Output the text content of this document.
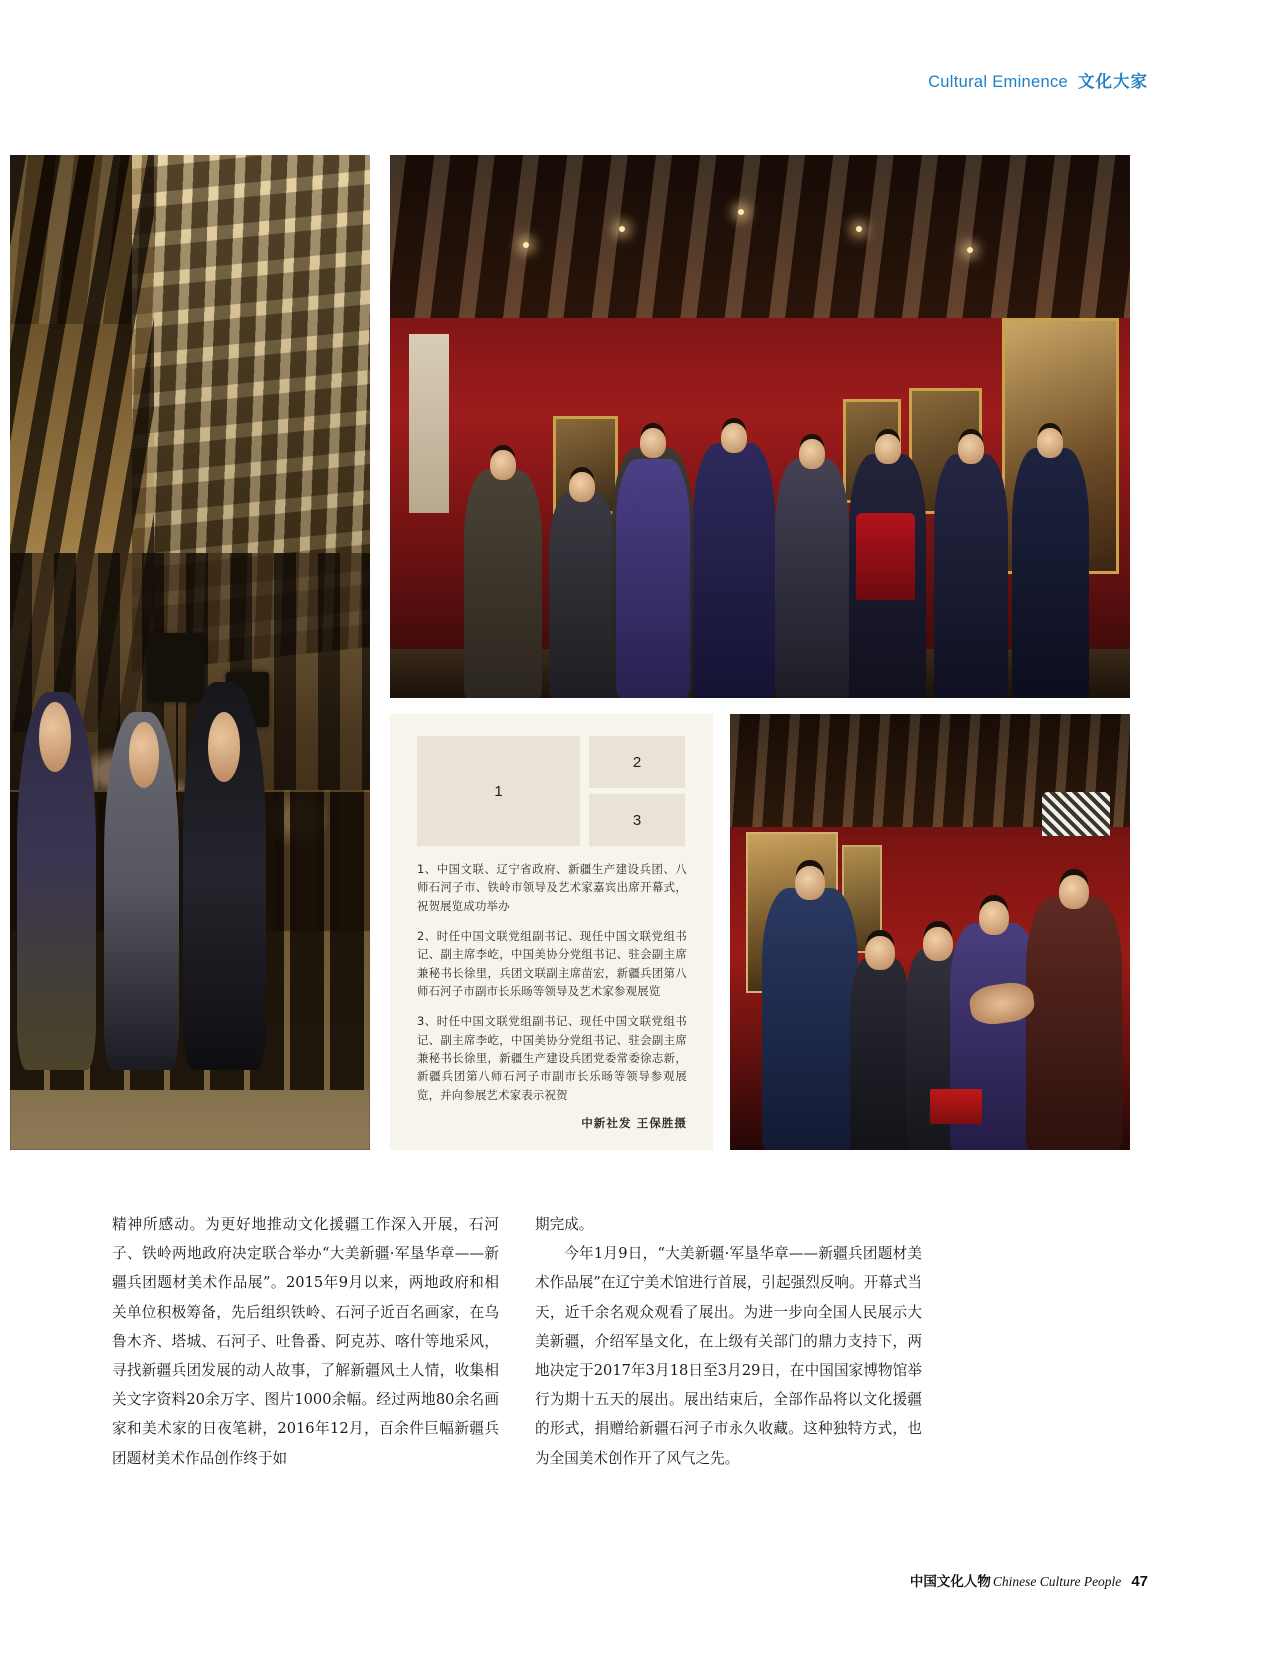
Cultural Eminence 文化大家
1
2
3

1、中国文联、辽宁省政府、新疆生产建设兵团、八师石河子市、铁岭市领导及艺术家嘉宾出席开幕式，祝贺展览成功举办

2、时任中国文联党组副书记、现任中国文联党组书记、副主席李屹，中国美协分党组书记、驻会副主席兼秘书长徐里，兵团文联副主席苗宏，新疆兵团第八师石河子市副市长乐旸等领导及艺术家参观展览

3、时任中国文联党组副书记、现任中国文联党组书记、副主席李屹，中国美协分党组书记、驻会副主席兼秘书长徐里，新疆生产建设兵团党委常委徐志新，新疆兵团第八师石河子市副市长乐旸等领导参观展览，并向参展艺术家表示祝贺

中新社发 王保胜摄

精神所感动。为更好地推动文化援疆工作深入开展，石河子、铁岭两地政府决定联合举办“大美新疆·军垦华章——新疆兵团题材美术作品展”。2015年9月以来，两地政府和相关单位积极筹备，先后组织铁岭、石河子近百名画家，在乌鲁木齐、塔城、石河子、吐鲁番、阿克苏、喀什等地采风，寻找新疆兵团发展的动人故事，了解新疆风土人情，收集相关文字资料20余万字、图片1000余幅。经过两地80余名画家和美术家的日夜笔耕，2016年12月，百余件巨幅新疆兵团题材美术作品创作终于如

期完成。

今年1月9日，“大美新疆·军垦华章——新疆兵团题材美术作品展”在辽宁美术馆进行首展，引起强烈反响。开幕式当天，近千余名观众观看了展出。为进一步向全国人民展示大美新疆，介绍军垦文化，在上级有关部门的鼎力支持下，两地决定于2017年3月18日至3月29日，在中国国家博物馆举行为期十五天的展出。展出结束后，全部作品将以文化援疆的形式，捐赠给新疆石河子市永久收藏。这种独特方式，也为全国美术创作开了风气之先。

中国文化人物 Chinese Culture People 47
